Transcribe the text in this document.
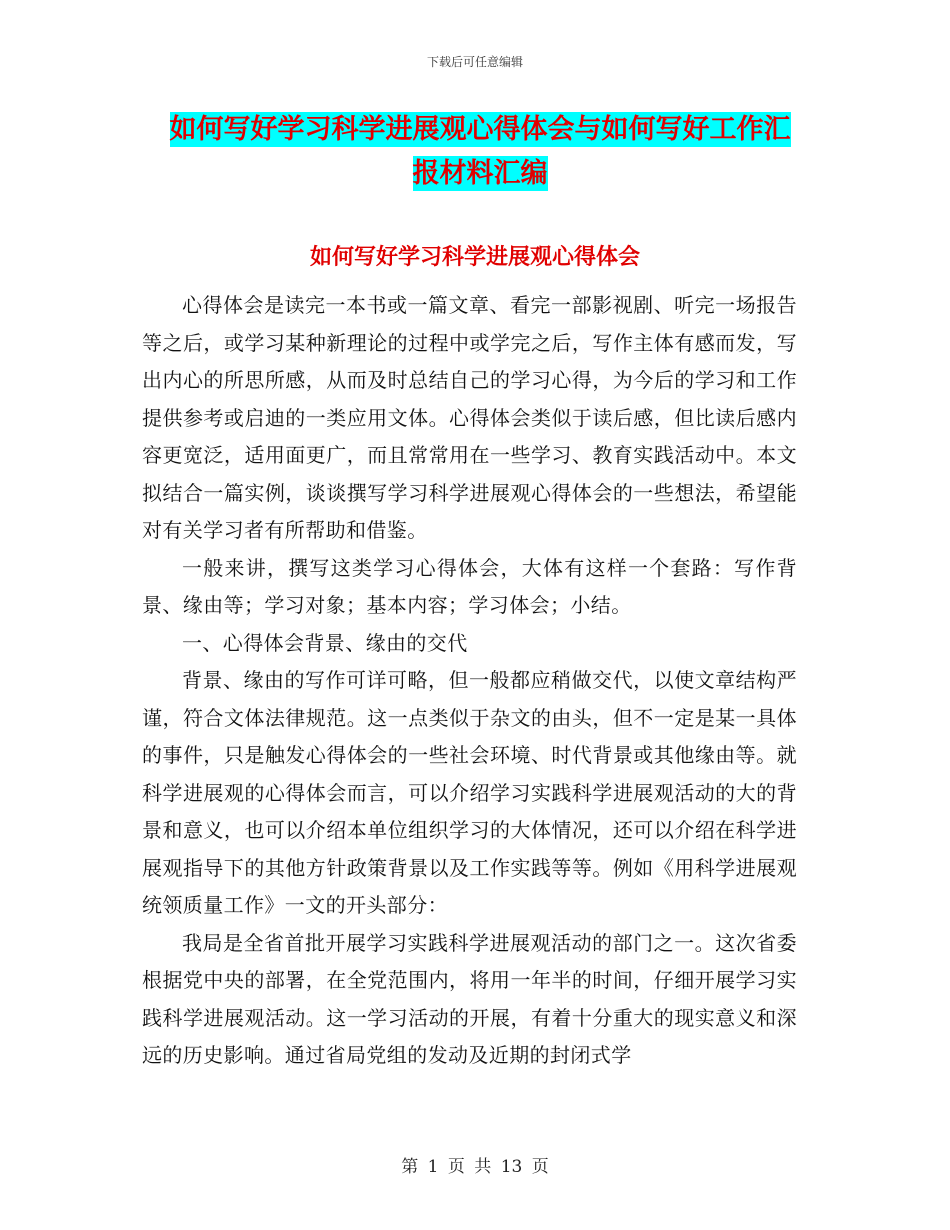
下载后可任意编辑
如何写好学习科学进展观心得体会与如何写好工作汇
报材料汇编
如何写好学习科学进展观心得体会

心得体会是读完一本书或一篇文章、看完一部影视剧、听完一场报告等之后，或学习某种新理论的过程中或学完之后，写作主体有感而发，写出内心的所思所感，从而及时总结自己的学习心得，为今后的学习和工作提供参考或启迪的一类应用文体。心得体会类似于读后感，但比读后感内容更宽泛，适用面更广，而且常常用在一些学习、教育实践活动中。本文拟结合一篇实例，谈谈撰写学习科学进展观心得体会的一些想法，希望能对有关学习者有所帮助和借鉴。

一般来讲，撰写这类学习心得体会，大体有这样一个套路：写作背景、缘由等；学习对象；基本内容；学习体会；小结。

一、心得体会背景、缘由的交代

背景、缘由的写作可详可略，但一般都应稍做交代，以使文章结构严谨，符合文体法律规范。这一点类似于杂文的由头，但不一定是某一具体的事件，只是触发心得体会的一些社会环境、时代背景或其他缘由等。就科学进展观的心得体会而言，可以介绍学习实践科学进展观活动的大的背景和意义，也可以介绍本单位组织学习的大体情况，还可以介绍在科学进展观指导下的其他方针政策背景以及工作实践等等。例如《用科学进展观统领质量工作》一文的开头部分：

我局是全省首批开展学习实践科学进展观活动的部门之一。这次省委根据党中央的部署，在全党范围内，将用一年半的时间，仔细开展学习实践科学进展观活动。这一学习活动的开展，有着十分重大的现实意义和深远的历史影响。通过省局党组的发动及近期的封闭式学

第 1 页 共 13 页
